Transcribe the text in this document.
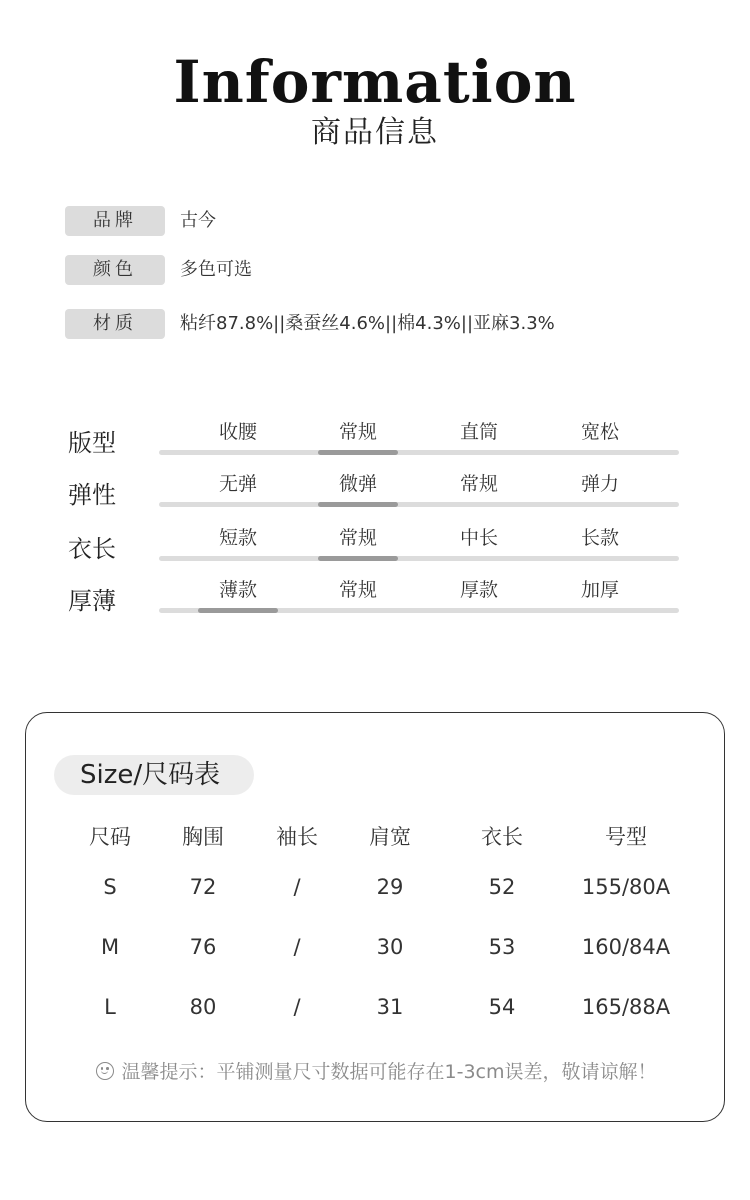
Information
商品信息
品牌	古今
颜色	多色可选
材质	粘纤87.8%||桑蚕丝4.6%||棉4.3%||亚麻3.3%
版型	收腰	常规	直筒	宽松
弹性	无弹	微弹	常规	弹力
衣长	短款	常规	中长	长款
厚薄	薄款	常规	厚款	加厚
Size/尺码表
尺码	胸围	袖长	肩宽	衣长	号型
S	72	/	29	52	155/80A
M	76	/	30	53	160/84A
L	80	/	31	54	165/88A
温馨提示：平铺测量尺寸数据可能存在1-3cm误差，敬请谅解！
